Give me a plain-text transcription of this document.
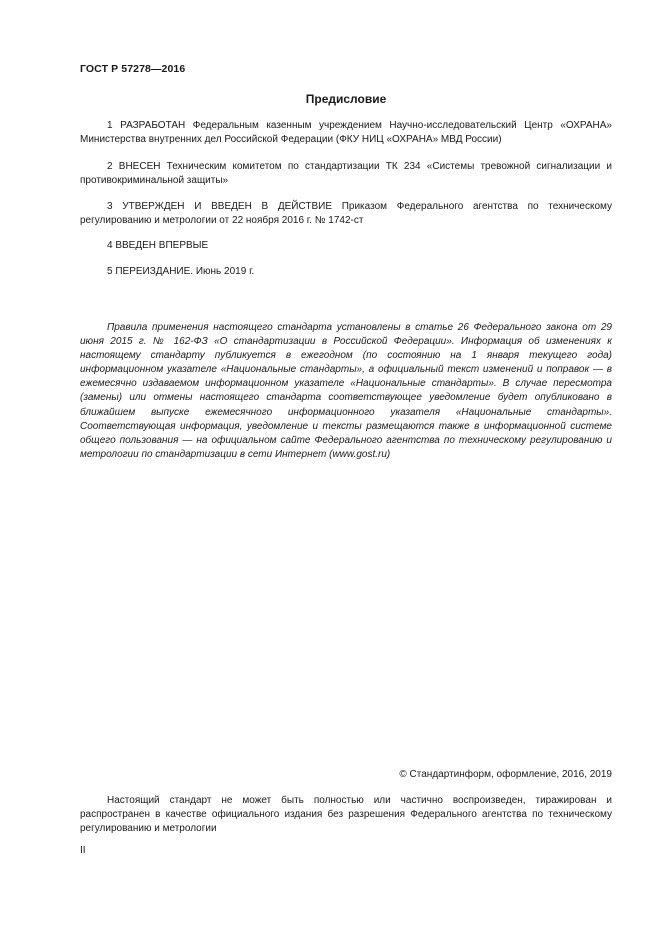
ГОСТ Р 57278—2016
Предисловие

1 РАЗРАБОТАН Федеральным казенным учреждением Научно-исследовательский Центр «ОХРАНА» Министерства внутренних дел Российской Федерации (ФКУ НИЦ «ОХРАНА» МВД России)

2 ВНЕСЕН Техническим комитетом по стандартизации ТК 234 «Системы тревожной сигнализации и противокриминальной защиты»

3 УТВЕРЖДЕН И ВВЕДЕН В ДЕЙСТВИЕ Приказом Федерального агентства по техническому регулированию и метрологии от 22 ноября 2016 г. № 1742-ст

4 ВВЕДЕН ВПЕРВЫЕ

5 ПЕРЕИЗДАНИЕ. Июнь 2019 г.

Правила применения настоящего стандарта установлены в статье 26 Федерального закона от 29 июня 2015 г. № 162-ФЗ «О стандартизации в Российской Федерации». Информация об изменениях к настоящему стандарту публикуется в ежегодном (по состоянию на 1 января текущего года) информационном указателе «Национальные стандарты», а официальный текст изменений и поправок — в ежемесячно издаваемом информационном указателе «Национальные стандарты». В случае пересмотра (замены) или отмены настоящего стандарта соответствующее уведомление будет опубликовано в ближайшем выпуске ежемесячного информационного указателя «Национальные стандарты». Соответствующая информация, уведомление и тексты размещаются также в информационной системе общего пользования — на официальном сайте Федерального агентства по техническому регулированию и метрологии по стандартизации в сети Интернет (www.gost.ru)

© Стандартинформ, оформление, 2016, 2019

Настоящий стандарт не может быть полностью или частично воспроизведен, тиражирован и распространен в качестве официального издания без разрешения Федерального агентства по техническому регулированию и метрологии

II
